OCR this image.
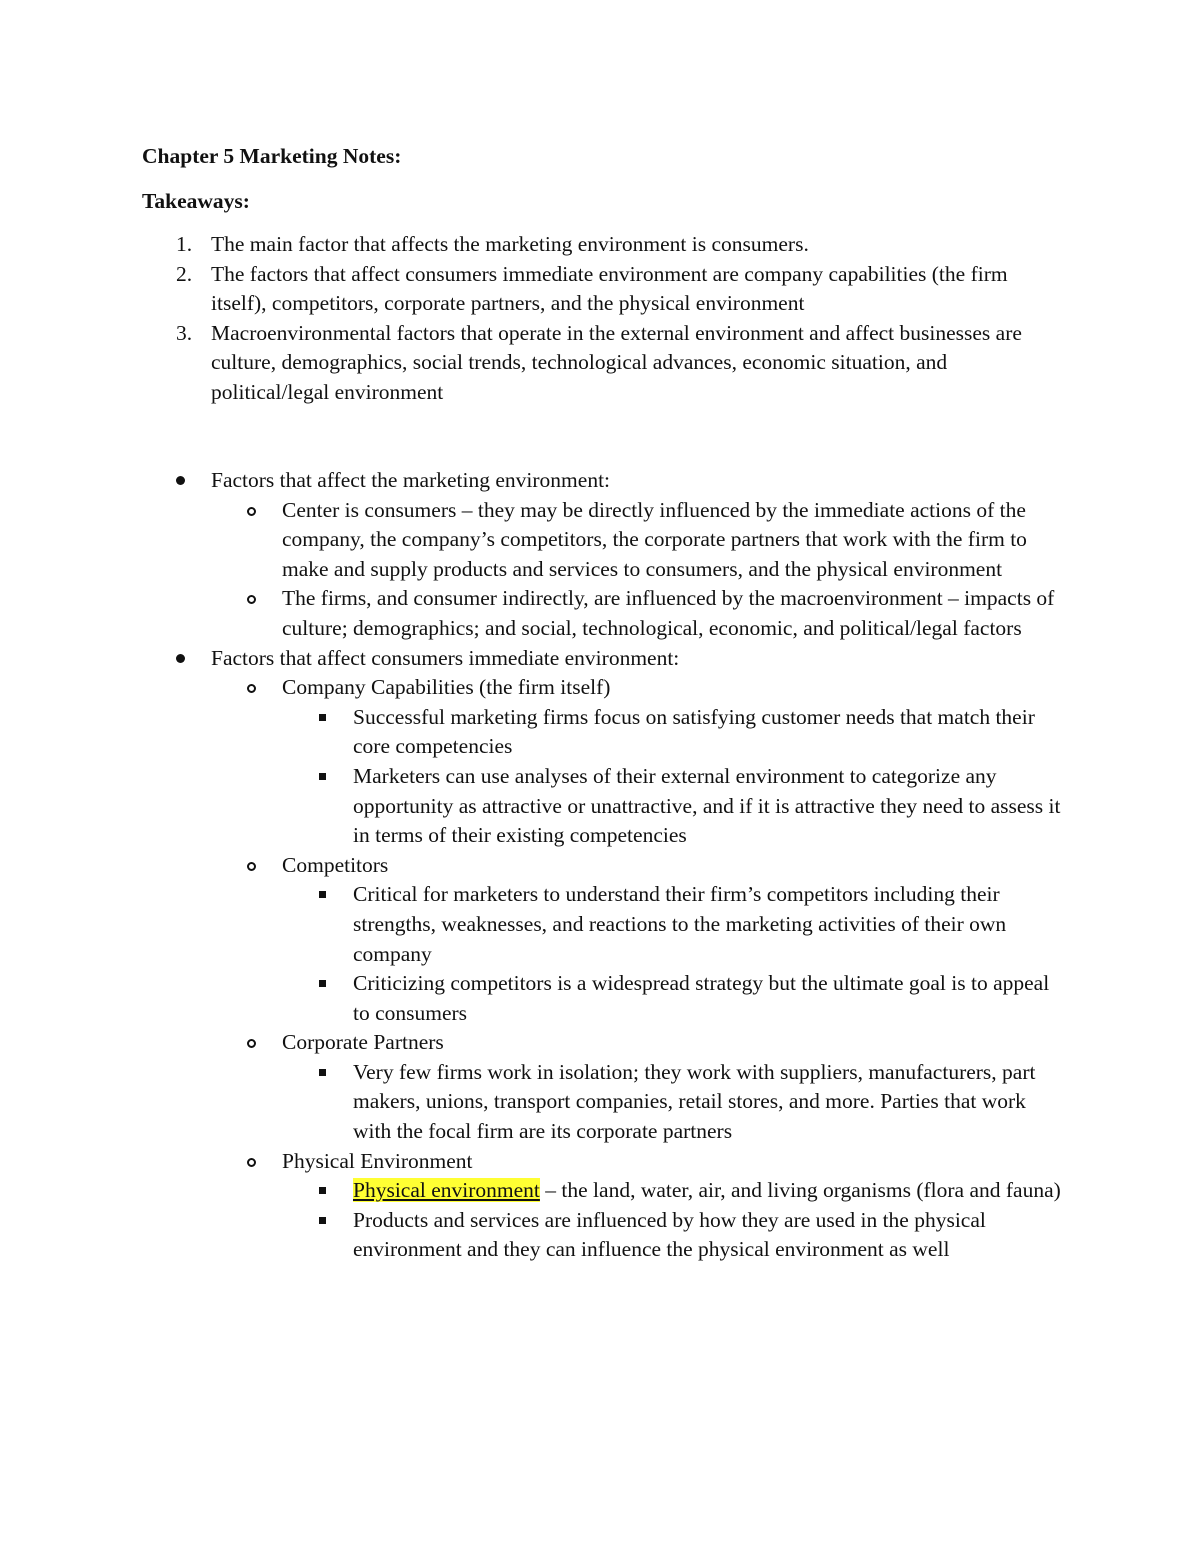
Chapter 5 Marketing Notes:
Takeaways:
1. The main factor that affects the marketing environment is consumers.
2. The factors that affect consumers immediate environment are company capabilities (the firm itself), competitors, corporate partners, and the physical environment
3. Macroenvironmental factors that operate in the external environment and affect businesses are culture, demographics, social trends, technological advances, economic situation, and political/legal environment
Factors that affect the marketing environment:
Center is consumers – they may be directly influenced by the immediate actions of the company, the company’s competitors, the corporate partners that work with the firm to make and supply products and services to consumers, and the physical environment
The firms, and consumer indirectly, are influenced by the macroenvironment – impacts of culture; demographics; and social, technological, economic, and political/legal factors
Factors that affect consumers immediate environment:
Company Capabilities (the firm itself)
Successful marketing firms focus on satisfying customer needs that match their core competencies
Marketers can use analyses of their external environment to categorize any opportunity as attractive or unattractive, and if it is attractive they need to assess it in terms of their existing competencies
Competitors
Critical for marketers to understand their firm’s competitors including their strengths, weaknesses, and reactions to the marketing activities of their own company
Criticizing competitors is a widespread strategy but the ultimate goal is to appeal to consumers
Corporate Partners
Very few firms work in isolation; they work with suppliers, manufacturers, part makers, unions, transport companies, retail stores, and more. Parties that work with the focal firm are its corporate partners
Physical Environment
Physical environment – the land, water, air, and living organisms (flora and fauna)
Products and services are influenced by how they are used in the physical environment and they can influence the physical environment as well
